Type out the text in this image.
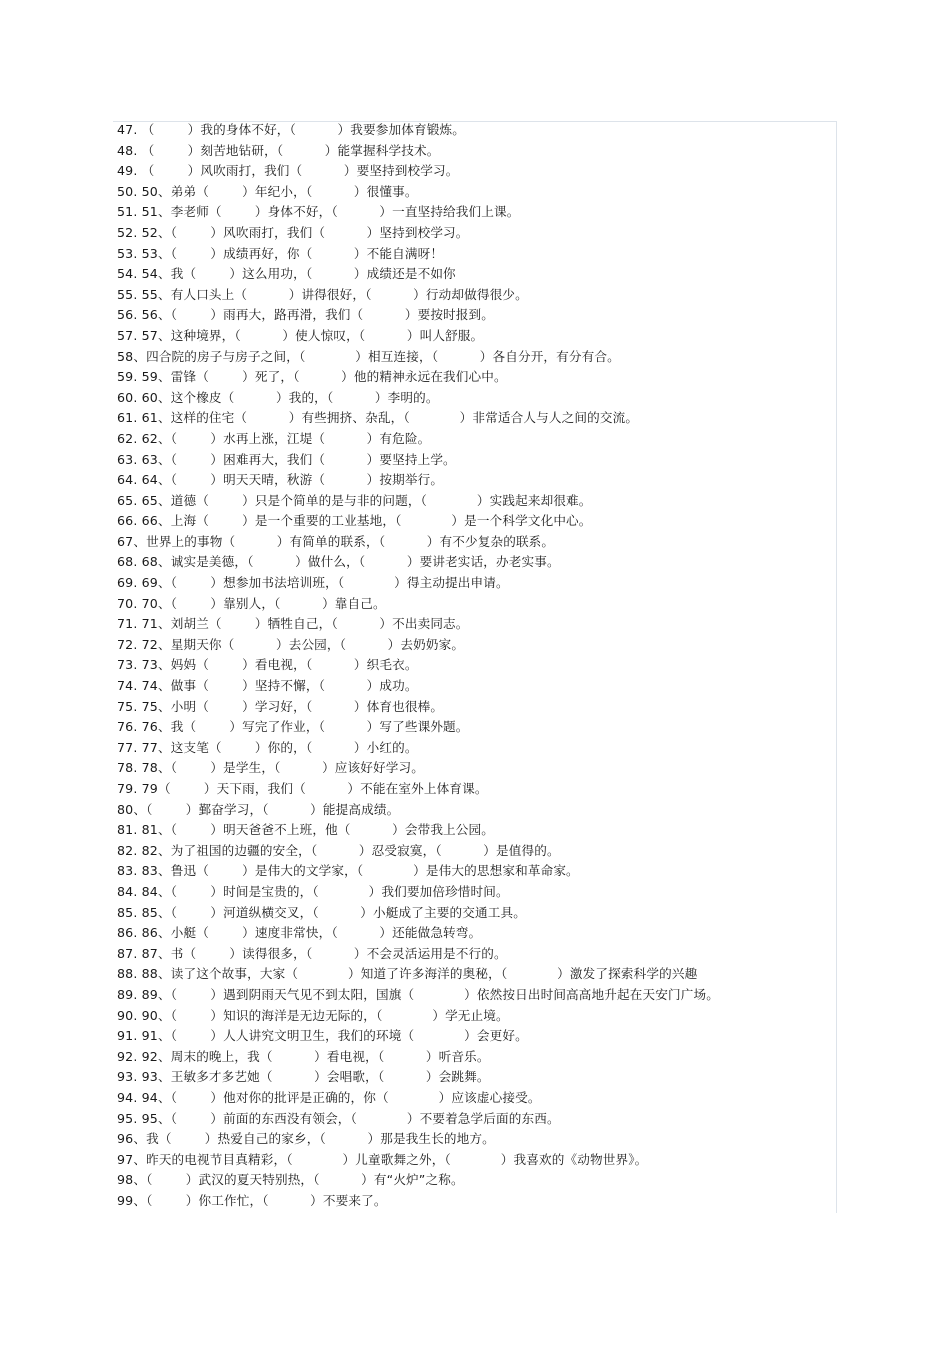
47. （        ）我的身体不好，（          ）我要参加体育锻炼。
48. （        ）刻苦地钻研，（          ）能掌握科学技术。
49. （        ）风吹雨打，我们（          ）要坚持到校学习。
50. 50、弟弟（        ）年纪小，（          ）很懂事。
51. 51、李老师（        ）身体不好，（          ）一直坚持给我们上课。
52. 52、（        ）风吹雨打，我们（          ）坚持到校学习。
53. 53、（        ）成绩再好，你（          ）不能自满呀！
54. 54、我（        ）这么用功，（          ）成绩还是不如你
55. 55、有人口头上（          ）讲得很好，（          ）行动却做得很少。
56. 56、（        ）雨再大，路再滑，我们（          ）要按时报到。
57. 57、这种境界，（          ）使人惊叹，（          ）叫人舒服。
58、四合院的房子与房子之间，（            ）相互连接，（          ）各自分开，有分有合。
59. 59、雷锋（        ）死了，（          ）他的精神永远在我们心中。
60. 60、这个橡皮（          ）我的，（          ）李明的。
61. 61、这样的住宅（          ）有些拥挤、杂乱，（            ）非常适合人与人之间的交流。
62. 62、（        ）水再上涨，江堤（          ）有危险。
63. 63、（        ）困难再大，我们（          ）要坚持上学。
64. 64、（        ）明天天晴，秋游（          ）按期举行。
65. 65、道德（        ）只是个简单的是与非的问题，（            ）实践起来却很难。
66. 66、上海（        ）是一个重要的工业基地，（            ）是一个科学文化中心。
67、世界上的事物（          ）有简单的联系，（          ）有不少复杂的联系。
68. 68、诚实是美德，（          ）做什么，（          ）要讲老实话，办老实事。
69. 69、（        ）想参加书法培训班，（            ）得主动提出申请。
70. 70、（        ）靠别人，（          ）靠自己。
71. 71、刘胡兰（        ）牺牲自己，（          ）不出卖同志。
72. 72、星期天你（          ）去公园，（          ）去奶奶家。
73. 73、妈妈（        ）看电视，（          ）织毛衣。
74. 74、做事（        ）坚持不懈，（          ）成功。
75. 75、小明（        ）学习好，（          ）体育也很棒。
76. 76、我（        ）写完了作业，（          ）写了些课外题。
77. 77、这支笔（        ）你的，（          ）小红的。
78. 78、（        ）是学生，（          ）应该好好学习。
79. 79（        ）天下雨，我们（          ）不能在室外上体育课。
80、（        ）鄞奋学习，（          ）能提高成绩。
81. 81、（        ）明天爸爸不上班，他（          ）会带我上公园。
82. 82、为了祖国的边疆的安全，（          ）忍受寂寞，（          ）是值得的。
83. 83、鲁迅（        ）是伟大的文学家，（            ）是伟大的思想家和革命家。
84. 84、（        ）时间是宝贵的，（            ）我们要加倍珍惜时间。
85. 85、（        ）河道纵横交叉，（          ）小艇成了主要的交通工具。
86. 86、小艇（        ）速度非常快，（          ）还能做急转弯。
87. 87、书（        ）读得很多，（          ）不会灵活运用是不行的。
88. 88、读了这个故事，大家（            ）知道了许多海洋的奥秘，（            ）激发了探索科学的兴趣
89. 89、（        ）遇到阴雨天气见不到太阳，国旗（            ）依然按日出时间高高地升起在天安门广场。
90. 90、（        ）知识的海洋是无边无际的，（            ）学无止境。
91. 91、（        ）人人讲究文明卫生，我们的环境（            ）会更好。
92. 92、周末的晚上，我（          ）看电视，（          ）听音乐。
93. 93、王敏多才多艺她（          ）会唱歌，（          ）会跳舞。
94. 94、（        ）他对你的批评是正确的，你（            ）应该虚心接受。
95. 95、（        ）前面的东西没有领会，（            ）不要着急学后面的东西。
96、我（        ）热爱自己的家乡，（          ）那是我生长的地方。
97、昨天的电视节目真精彩，（            ）儿童歌舞之外，（            ）我喜欢的《动物世界》。
98、（        ）武汉的夏天特别热，（          ）有“火炉”之称。
99、（        ）你工作忙，（          ）不要来了。
